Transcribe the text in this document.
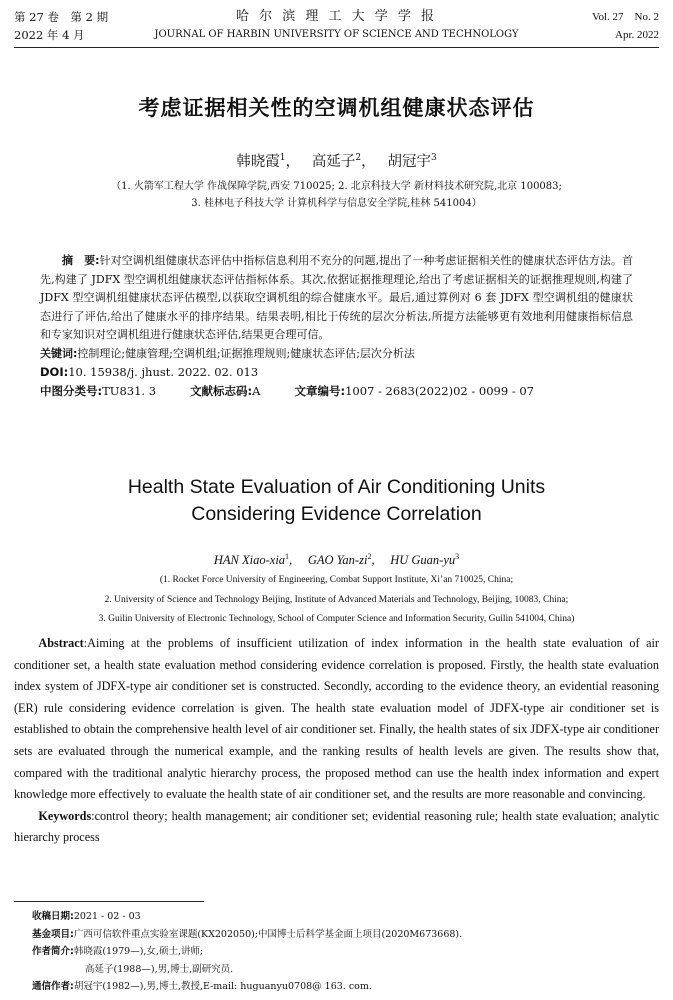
第 27 卷　第 2 期
2022 年 4 月
哈 尔 滨 理 工 大 学 学 报
JOURNAL OF HARBIN UNIVERSITY OF SCIENCE AND TECHNOLOGY
Vol. 27　No. 2
Apr. 2022
考虑证据相关性的空调机组健康状态评估
韩晓霞$^1$，　 高延子$^2$，　 胡冠宇$^3$
（1. 火箭军工程大学 作战保障学院,西安 710025; 2. 北京科技大学 新材料技术研究院,北京 100083;
3. 桂林电子科技大学 计算机科学与信息安全学院,桂林 541004）

摘　要:针对空调机组健康状态评估中指标信息利用不充分的问题,提出了一种考虑证据相关性的健康状态评估方法。首先,构建了 JDFX 型空调机组健康状态评估指标体系。其次,依据证据推理理论,给出了考虑证据相关的证据推理规则,构建了 JDFX 型空调机组健康状态评估模型,以获取空调机组的综合健康水平。最后,通过算例对 6 套 JDFX 型空调机组的健康状态进行了评估,给出了健康水平的排序结果。结果表明,相比于传统的层次分析法,所提方法能够更有效地利用健康指标信息和专家知识对空调机组进行健康状态评估,结果更合理可信。

关键词:控制理论;健康管理;空调机组;证据推理规则;健康状态评估;层次分析法

DOI:10. 15938/j. jhust. 2022. 02. 013

中图分类号:TU831. 3	文献标志码:A	文章编号:1007 - 2683(2022)02 - 0099 - 07

Health State Evaluation of Air Conditioning Units Considering Evidence Correlation
HAN Xiao-xia$^1$,　 GAO Yan-$zi^2$,　 HU Guan-$yu^3$
(1. Rocket Force University of Engineering, Combat Support Institute, Xi’an 710025, China;
2. University of Science and Technology Beijing, Institute of Advanced Materials and Technology, Beijing, 10083, China;
3. Guilin University of Electronic Technology, School of Computer Science and Information Security, Guilin 541004, China)

Abstract:Aiming at the problems of insufficient utilization of index information in the health state evaluation of air conditioner set, a health state evaluation method considering evidence correlation is proposed. Firstly, the health state evaluation index system of JDFX-type air conditioner set is constructed. Secondly, according to the evidence theory, an evidential reasoning (ER) rule considering evidence correlation is given. The health state evaluation model of JDFX-type air conditioner set is established to obtain the comprehensive health level of air conditioner set. Finally, the health states of six JDFX-type air conditioner sets are evaluated through the numerical example, and the ranking results of health levels are given. The results show that, compared with the traditional analytic hierarchy process, the proposed method can use the health index information and expert knowledge more effectively to evaluate the health state of air conditioner set, and the results are more reasonable and convincing.

Keywords:control theory; health management; air conditioner set; evidential reasoning rule; health state evaluation; analytic hierarchy process

收稿日期:2021 - 02 - 03
基金项目:广西可信软件重点实验室课题(KX202050);中国博士后科学基金面上项目(2020M673668).
作者简介:韩晓霞(1979—),女,硕士,讲师;
高延子(1988—),男,博士,副研究员.
通信作者:胡冠宇(1982—),男,博士,教授,E-mail: huguanyu0708@ 163. com.
